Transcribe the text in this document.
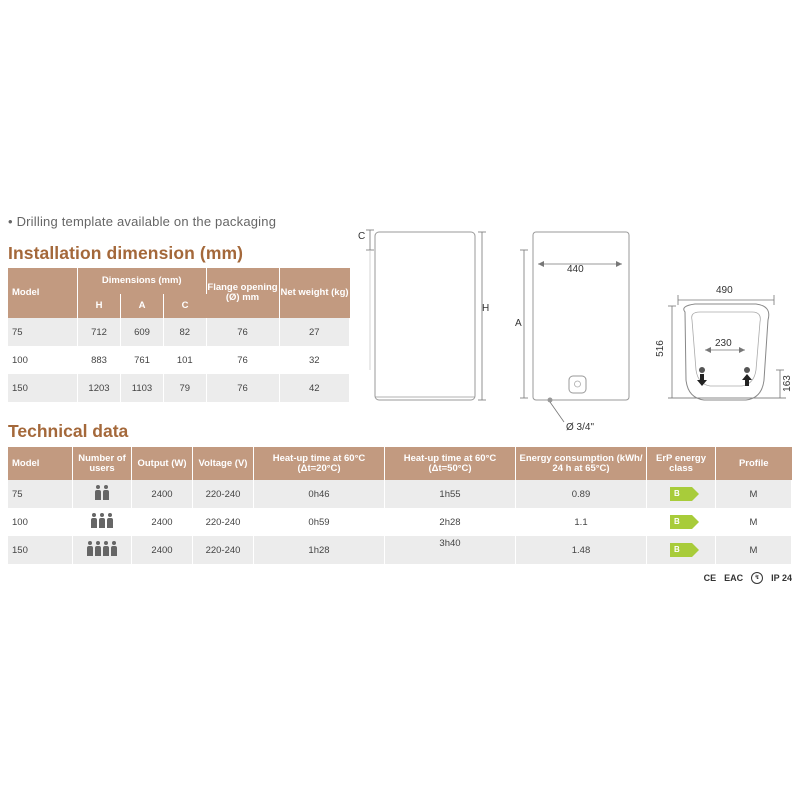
• Drilling template available on the packaging
Installation dimension (mm)
Model	Dimensions (mm)			Flange opening (Ø) mm	Net weight (kg)
	H	A	C		
75	712	609	82	76	27
100	883	761	101	76	32
150	1203	1103	79	76	42
C
H
A
440
Ø 3/4"
490
230
516
163
Technical data
Model	Number of users	Output (W)	Voltage (V)	Heat-up time at 60°C (Δt=20°C)	Heat-up time at 60°C (Δt=50°C)	Energy consumption (kWh/ 24 h at 65°C)	ErP energy class	Profile
75		2400	220-240	0h46	1h55	0.89	B	M
100		2400	220-240	0h59	2h28	1.1	B	M
150		2400	220-240	1h28	3h40	1.48	B	M
CE EAC	↯	IP 24
